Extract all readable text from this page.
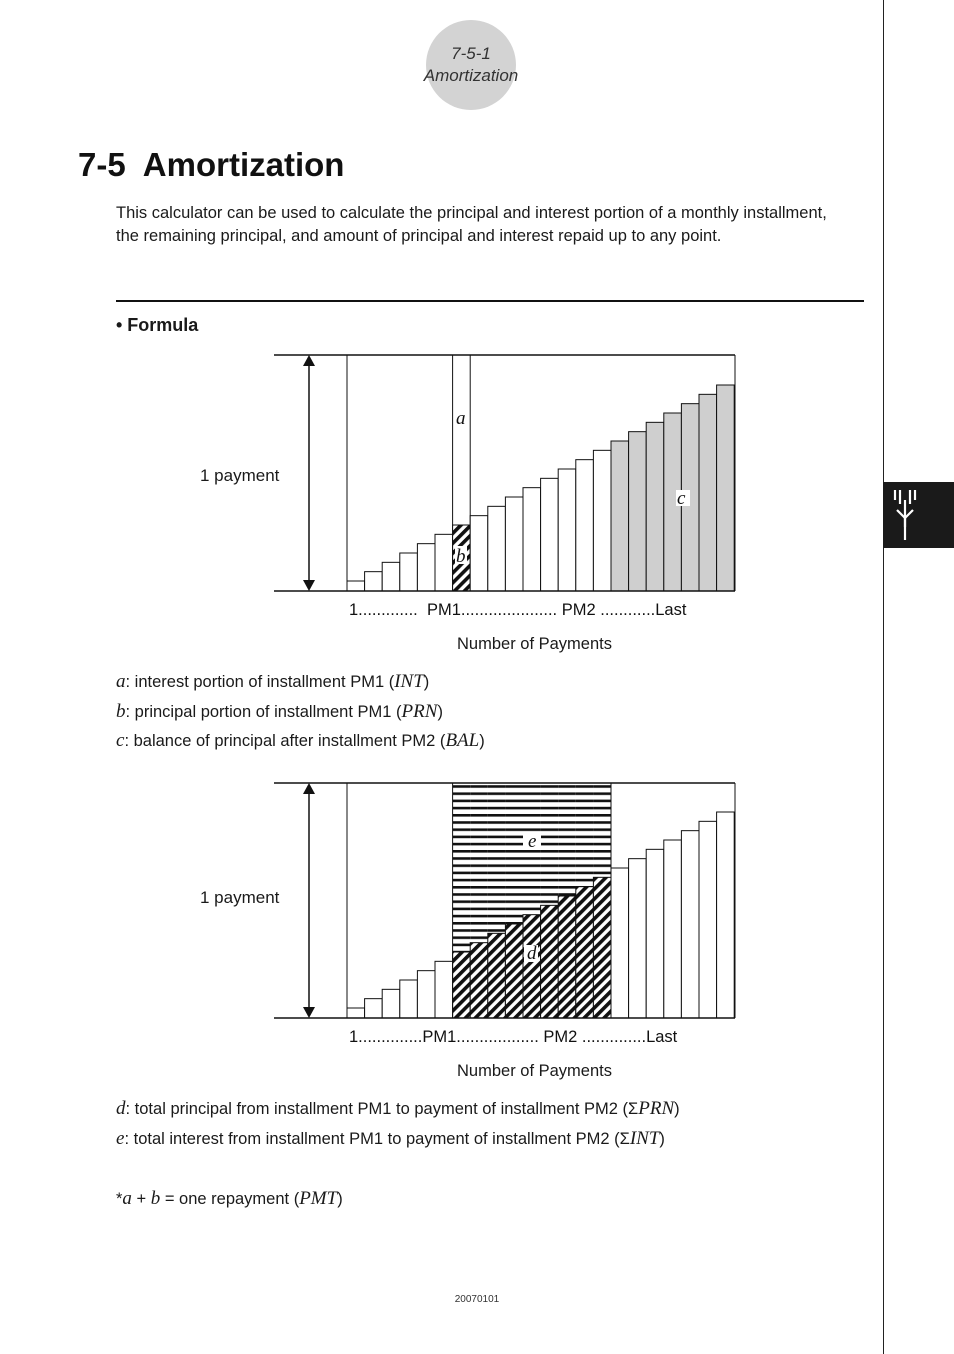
7-5-1
Amortization
7-5  Amortization

This calculator can be used to calculate the principal and interest portion of a monthly installment, the remaining principal, and amount of principal and interest repaid up to any point.

• Formula
a
b
c
1 payment
1.............  PM1..................... PM2 ............Last
Number of Payments
a: interest portion of installment PM1 (INT)
b: principal portion of installment PM1 (PRN)
c: balance of principal after installment PM2 (BAL)
e
d
1 payment
1..............PM1.................. PM2 ..............Last
Number of Payments
d: total principal from installment PM1 to payment of installment PM2 (ΣPRN)
e: total interest from installment PM1 to payment of installment PM2 (ΣINT)
*a + b = one repayment (PMT)
20070101
